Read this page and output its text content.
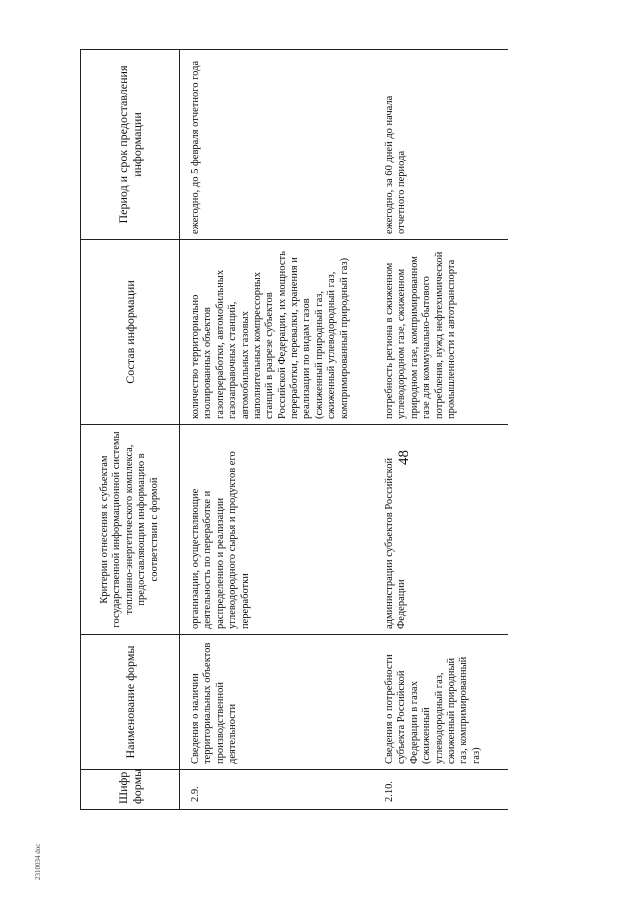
Шифр формы	Наименование формы	Критерии отнесения к субъектам государственной информационной системы топливно-энергетического комплекса, предоставляющим информацию в соответствии с формой	Состав информации	Период и срок предоставления информации
2.9.	Сведения о наличии территориальных объектов производственной деятельности	организации, осуществляющие деятельность по переработке и распределению и реализации углеводородного сырья и продуктов его переработки	количество территориально изолированных объектов газопереработки, автомобильных газозаправочных станций, автомобильных газовых наполнительных компрессорных станций в разрезе субъектов Российской Федерации, их мощность переработки, перевалки, хранения и реализации по видам газов (сжиженный природный газ, сжиженный углеводородный газ, компримированный природный газ)	ежегодно, до 5 февраля отчетного года
2.10.	Сведения о потребности субъекта Российской Федерации в газах (сжиженный углеводородный газ, сжиженный природный газ, компримированный газ)	администрации субъектов Российской Федерации	потребность региона в сжиженном углеводородном газе, сжиженном природном газе, компримированном газе для коммунально-бытового потребления, нужд нефтехимической промышленности и автотранспорта	ежегодно, за 60 дней до начала отчетного периода
48
2310034 doc
